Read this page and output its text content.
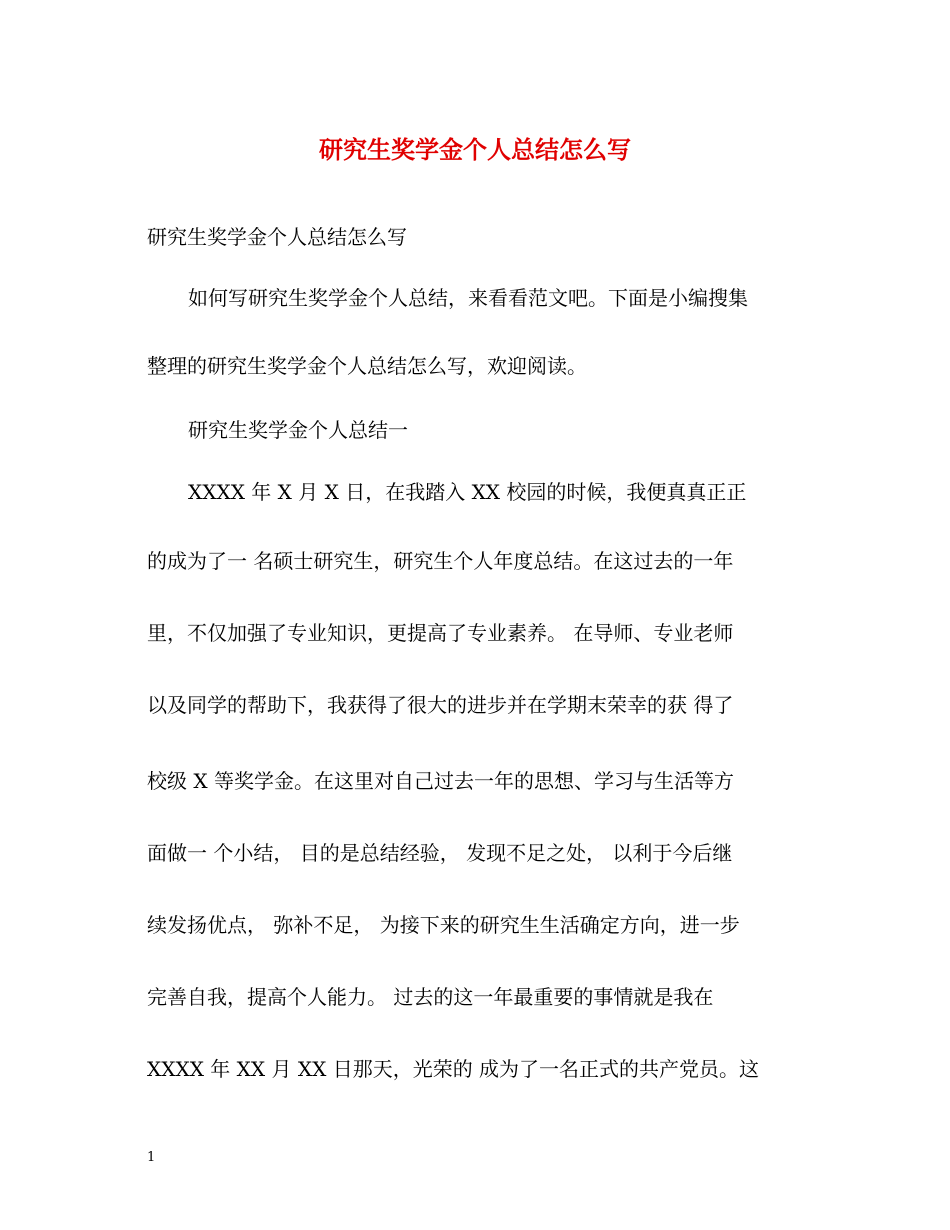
研究生奖学金个人总结怎么写
研究生奖学金个人总结怎么写
如何写研究生奖学金个人总结，来看看范文吧。下面是小编搜集
整理的研究生奖学金个人总结怎么写，欢迎阅读。
研究生奖学金个人总结一
XXXX 年 X 月 X 日，在我踏入 XX 校园的时候，我便真真正正
的成为了一 名硕士研究生，研究生个人年度总结。在这过去的一年
里，不仅加强了专业知识，更提高了专业素养。 在导师、专业老师
以及同学的帮助下，我获得了很大的进步并在学期末荣幸的获 得了
校级 X 等奖学金。在这里对自己过去一年的思想、学习与生活等方
面做一 个小结， 目的是总结经验， 发现不足之处， 以利于今后继
续发扬优点， 弥补不足， 为接下来的研究生生活确定方向，进一步
完善自我，提高个人能力。 过去的这一年最重要的事情就是我在
XXXX 年 XX 月 XX 日那天，光荣的 成为了一名正式的共产党员。这
1
